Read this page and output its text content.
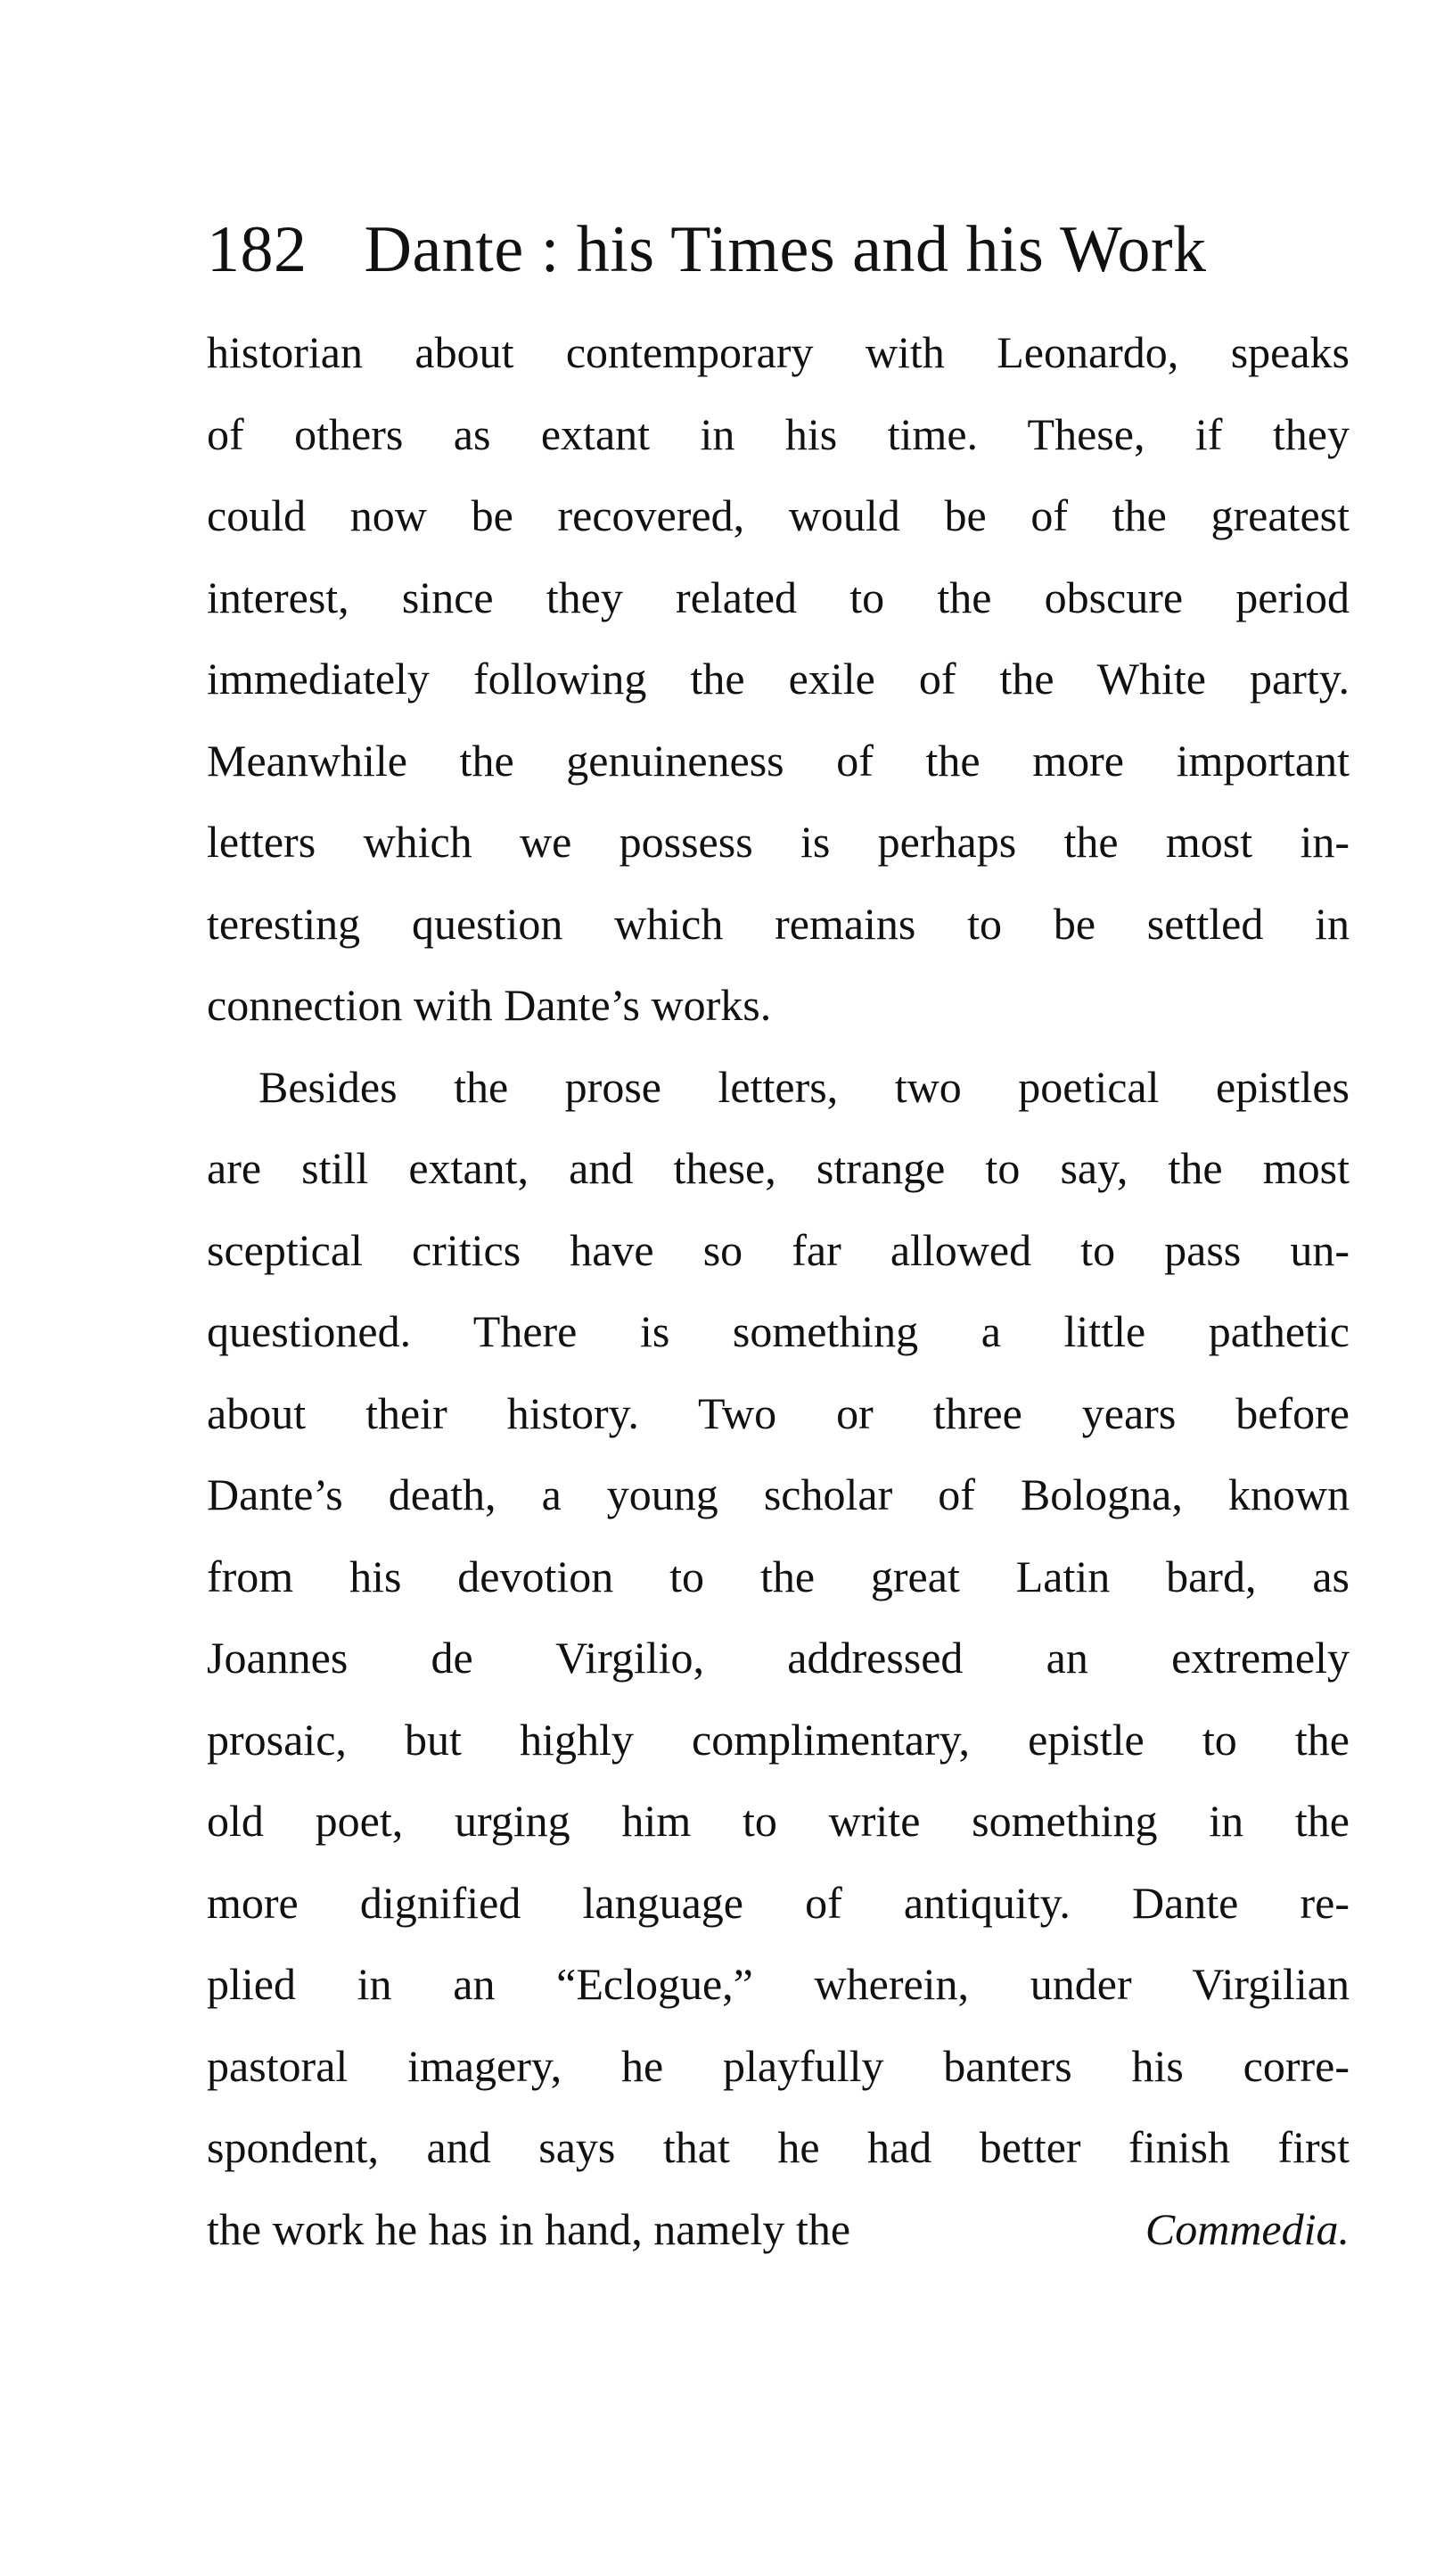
182 Dante : his Times and his Work
historian about contemporary with Leonardo, speaks
of others as extant in his time. These, if they
could now be recovered, would be of the greatest
interest, since they related to the obscure period
immediately following the exile of the White party.
Meanwhile the genuineness of the more important
letters which we possess is perhaps the most in-
teresting question which remains to be settled in
connection with Dante’s works.
Besides the prose letters, two poetical epistles
are still extant, and these, strange to say, the most
sceptical critics have so far allowed to pass un-
questioned. There is something a little pathetic
about their history. Two or three years before
Dante’s death, a young scholar of Bologna, known
from his devotion to the great Latin bard, as
Joannes de Virgilio, addressed an extremely
prosaic, but highly complimentary, epistle to the
old poet, urging him to write something in the
more dignified language of antiquity. Dante re-
plied in an “Eclogue,” wherein, under Virgilian
pastoral imagery, he playfully banters his corre-
spondent, and says that he had better finish first
the work he has in hand, namely the	Commedia.
